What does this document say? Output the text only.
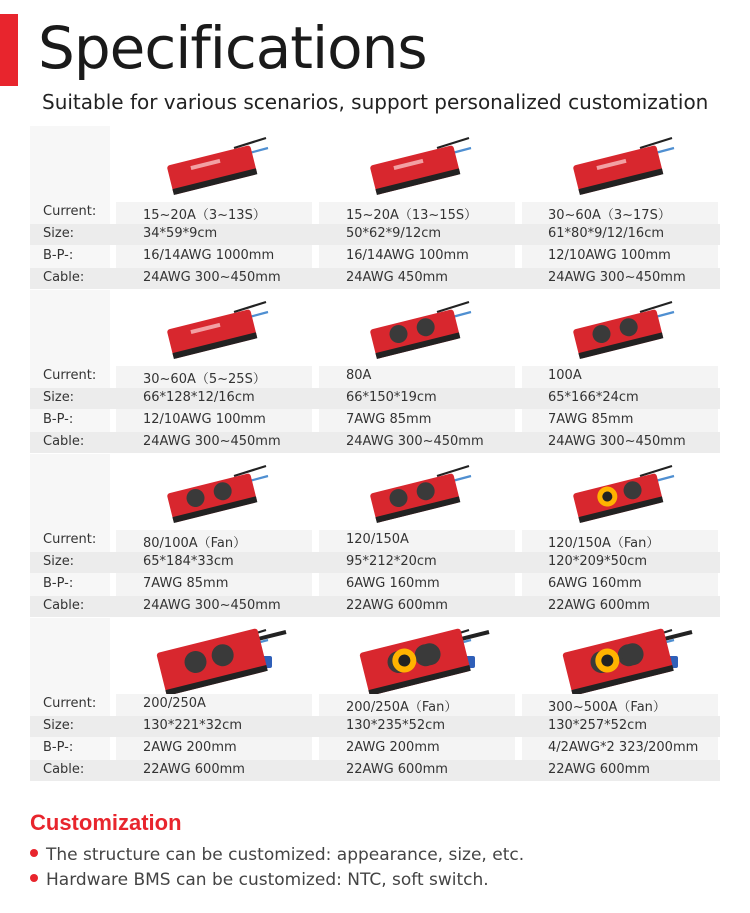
Specifications
Suitable for various scenarios, support personalized customization
Current:	15~20A（3~13S）	15~20A（13~15S）	30~60A（3~17S）
Size:	34*59*9cm	50*62*9/12cm	61*80*9/12/16cm
B-P-:	16/14AWG 1000mm	16/14AWG 100mm	12/10AWG 100mm
Cable:	24AWG 300~450mm	24AWG 450mm	24AWG 300~450mm
Current:	30~60A（5~25S）	80A	100A
Size:	66*128*12/16cm	66*150*19cm	65*166*24cm
B-P-:	12/10AWG 100mm	7AWG 85mm	7AWG 85mm
Cable:	24AWG 300~450mm	24AWG 300~450mm	24AWG 300~450mm
Current:	80/100A（Fan）	120/150A	120/150A（Fan）
Size:	65*184*33cm	95*212*20cm	120*209*50cm
B-P-:	7AWG 85mm	6AWG 160mm	6AWG 160mm
Cable:	24AWG 300~450mm	22AWG 600mm	22AWG 600mm
Current:	200/250A	200/250A（Fan）	300~500A（Fan）
Size:	130*221*32cm	130*235*52cm	130*257*52cm
B-P-:	2AWG 200mm	2AWG 200mm	4/2AWG*2 323/200mm
Cable:	22AWG 600mm	22AWG 600mm	22AWG 600mm
Customization
The structure can be customized: appearance, size, etc.
Hardware BMS can be customized: NTC, soft switch.
